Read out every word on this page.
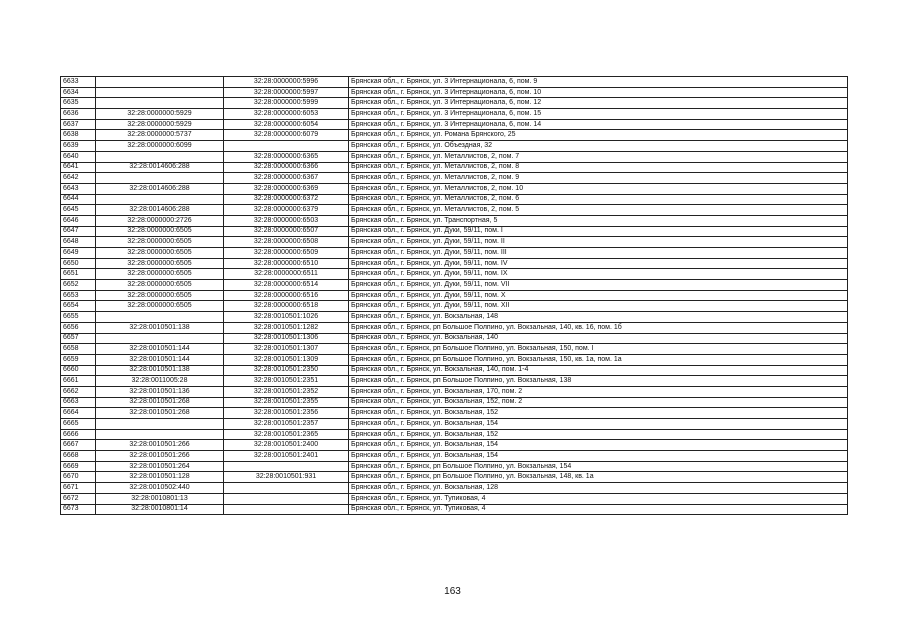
6633		32:28:0000000:5996	Брянская обл., г. Брянск, ул. 3 Интернационала, 6, пом. 9
6634		32:28:0000000:5997	Брянская обл., г. Брянск, ул. 3 Интернационала, 6, пом. 10
6635		32:28:0000000:5999	Брянская обл., г. Брянск, ул. 3 Интернационала, 6, пом. 12
6636	32:28:0000000:5929	32:28:0000000:6053	Брянская обл., г. Брянск, ул. 3 Интернационала, 6, пом. 15
6637	32:28:0000000:5929	32:28:0000000:6054	Брянская обл., г. Брянск, ул. 3 Интернационала, 6, пом. 14
6638	32:28:0000000:5737	32:28:0000000:6079	Брянская обл., г. Брянск, ул. Романа Брянского, 25
6639	32:28:0000000:6099		Брянская обл., г. Брянск, ул. Объездная, 32
6640		32:28:0000000:6365	Брянская обл., г. Брянск, ул. Металлистов, 2, пом. 7
6641	32:28:0014606:288	32:28:0000000:6366	Брянская обл., г. Брянск, ул. Металлистов, 2, пом. 8
6642		32:28:0000000:6367	Брянская обл., г. Брянск, ул. Металлистов, 2, пом. 9
6643	32:28:0014606:288	32:28:0000000:6369	Брянская обл., г. Брянск, ул. Металлистов, 2, пом. 10
6644		32:28:0000000:6372	Брянская обл., г. Брянск, ул. Металлистов, 2, пом. 6
6645	32:28:0014606:288	32:28:0000000:6379	Брянская обл., г. Брянск, ул. Металлистов, 2, пом. 5
6646	32:28:0000000:2726	32:28:0000000:6503	Брянская обл., г. Брянск, ул. Транспортная, 5
6647	32:28:0000000:6505	32:28:0000000:6507	Брянская обл., г. Брянск, ул. Дуки, 59/11, пом. I
6648	32:28:0000000:6505	32:28:0000000:6508	Брянская обл., г. Брянск, ул. Дуки, 59/11, пом. II
6649	32:28:0000000:6505	32:28:0000000:6509	Брянская обл., г. Брянск, ул. Дуки, 59/11, пом. III
6650	32:28:0000000:6505	32:28:0000000:6510	Брянская обл., г. Брянск, ул. Дуки, 59/11, пом. IV
6651	32:28:0000000:6505	32:28:0000000:6511	Брянская обл., г. Брянск, ул. Дуки, 59/11, пом. IX
6652	32:28:0000000:6505	32:28:0000000:6514	Брянская обл., г. Брянск, ул. Дуки, 59/11, пом. VII
6653	32:28:0000000:6505	32:28:0000000:6516	Брянская обл., г. Брянск, ул. Дуки, 59/11, пом. X
6654	32:28:0000000:6505	32:28:0000000:6518	Брянская обл., г. Брянск, ул. Дуки, 59/11, пом. XII
6655		32:28:0010501:1026	Брянская обл., г. Брянск, ул. Вокзальная, 148
6656	32:28:0010501:138	32:28:0010501:1282	Брянская обл., г. Брянск, рп Большое Полпино, ул. Вокзальная, 140, кв. 16, пом. 1б
6657		32:28:0010501:1306	Брянская обл., г. Брянск, ул. Вокзальная, 140
6658	32:28:0010501:144	32:28:0010501:1307	Брянская обл., г. Брянск, рп Большое Полпино, ул. Вокзальная, 150, пом. I
6659	32:28:0010501:144	32:28:0010501:1309	Брянская обл., г. Брянск, рп Большое Полпино, ул. Вокзальная, 150, кв. 1а, пом. 1а
6660	32:28:0010501:138	32:28:0010501:2350	Брянская обл., г. Брянск, ул. Вокзальная, 140, пом. 1-4
6661	32:28:0011005:28	32:28:0010501:2351	Брянская обл., г. Брянск, рп Большое Полпино, ул. Вокзальная, 138
6662	32:28:0010501:136	32:28:0010501:2352	Брянская обл., г. Брянск, ул. Вокзальная, 170, пом. 2
6663	32:28:0010501:268	32:28:0010501:2355	Брянская обл., г. Брянск, ул. Вокзальная, 152, пом. 2
6664	32:28:0010501:268	32:28:0010501:2356	Брянская обл., г. Брянск, ул. Вокзальная, 152
6665		32:28:0010501:2357	Брянская обл., г. Брянск, ул. Вокзальная, 154
6666		32:28:0010501:2365	Брянская обл., г. Брянск, ул. Вокзальная, 152
6667	32:28:0010501:266	32:28:0010501:2400	Брянская обл., г. Брянск, ул. Вокзальная, 154
6668	32:28:0010501:266	32:28:0010501:2401	Брянская обл., г. Брянск, ул. Вокзальная, 154
6669	32:28:0010501:264		Брянская обл., г. Брянск, рп Большое Полпино, ул. Вокзальная, 154
6670	32:28:0010501:128	32:28:0010501:931	Брянская обл., г. Брянск, рп Большое Полпино, ул. Вокзальная, 148, кв. 1а
6671	32:28:0010502:440		Брянская обл., г. Брянск, ул. Вокзальная, 128
6672	32:28:0010801:13		Брянская обл., г. Брянск, ул. Тупиковая, 4
6673	32:28:0010801:14		Брянская обл., г. Брянск, ул. Тупиковая, 4
163
